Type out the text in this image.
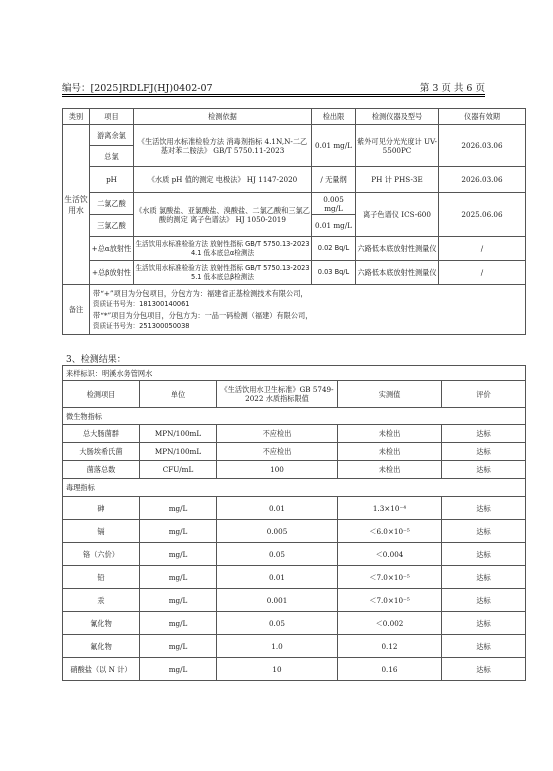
编号：[2025]RDLFJ(HJ)0402-07	第 3 页 共 6 页
类别	项目	检测依据	检出限	检测仪器及型号	仪器有效期
生活饮用水	游离余氯	《生活饮用水标准检验方法 消毒剂指标 4.1N,N-二乙基对苯二胺法》 GB/T 5750.11-2023	0.01 mg/L	紫外可见分光光度计 UV-5500PC	2026.03.06
	总氯				
	pH	《水质 pH 值的测定 电极法》 HJ 1147-2020	/ 无量纲	PH 计 PHS-3E	2026.03.06
	二氯乙酸	《水质 氯酸盐、亚氯酸盐、溴酸盐、二氯乙酸和三氯乙酸的测定 离子色谱法》 HJ 1050-2019	0.005 mg/L	离子色谱仪 ICS-600	2025.06.06
	三氯乙酸		0.01 mg/L		
	+总α放射性	生活饮用水标准检验方法 放射性指标 GB/T 5750.13-2023 4.1 低本底总α检测法	0.02 Bq/L	六路低本底放射性测量仪	/
	+总β放射性	生活饮用水标准检验方法 放射性指标 GB/T 5750.13-2023 5.1 低本底总β检测法	0.03 Bq/L	六路低本底放射性测量仪	/
备注	带“+”项目为分包项目，分包方为：福建省正基检测技术有限公司，
资质证书号为：181300140061
带“*”项目为分包项目，分包方为：一品一码检测（福建）有限公司，
资质证书号为：251300050038				
3、检测结果：
来样标识：明溪水务管网水				
检测项目	单位	《生活饮用水卫生标准》GB 5749-2022 水质指标限值	实测值	评价
微生物指标				
总大肠菌群	MPN/100mL	不应检出	未检出	达标
大肠埃希氏菌	MPN/100mL	不应检出	未检出	达标
菌落总数	CFU/mL	100	未检出	达标
毒理指标				
砷	mg/L	0.01	1.3×10⁻⁴	达标
镉	mg/L	0.005	＜6.0×10⁻⁵	达标
铬（六价）	mg/L	0.05	＜0.004	达标
铅	mg/L	0.01	＜7.0×10⁻⁵	达标
汞	mg/L	0.001	＜7.0×10⁻⁵	达标
氰化物	mg/L	0.05	＜0.002	达标
氟化物	mg/L	1.0	0.12	达标
硝酸盐（以 N 计）	mg/L	10	0.16	达标
